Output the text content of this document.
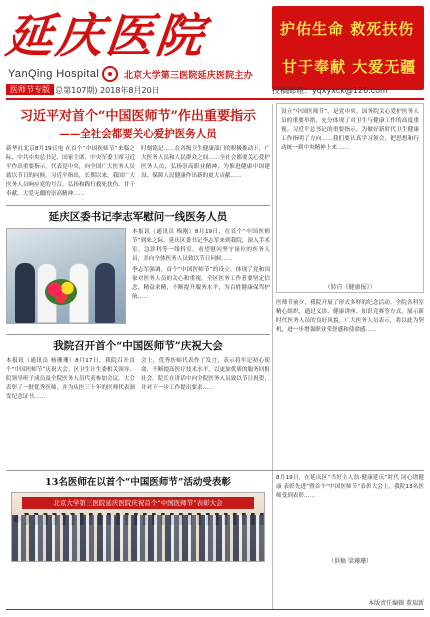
延庆医院
YanQing Hospital	北京大学第三医院延庆医院主办
护佑生命 救死扶伤
甘于奉献 大爱无疆
医师节专版 (总第107期) 2018年8月20日	投稿邮箱：yqxyxck@126.com
习近平对首个“中国医师节”作出重要指示
——全社会都要关心爱护医务人员
新华社北京8月19日电 在首个“中国医师节”来临之际，中共中央总书记、国家主席、中央军委主席习近平作出重要指示，代表党中央，向全国广大医务人员致以节日的问候。习近平指出，长期以来，我国广大医务人员响应党的号召，弘扬和践行救死扶伤、甘于奉献、大爱无疆的崇高精神……
时刻铭记……在各级卫生健康部门的积极推动下，广大医务人员和人民群众之间……全社会都要关心爱护医务人员，弘扬崇高职业精神，为推进健康中国建设、保障人民健康作出新的更大贡献……
延庆区委书记李志军慰问一线医务人员
本报讯（通讯员 梅刚）8月19日，在首个“中国医师节”到来之际，延庆区委书记李志军来到我院，深入手术室、急诊科等一线科室，看望慰问坚守岗位的医务人员，并向全体医务人员致以节日问候……
李志军强调，首个“中国医师节”的设立，体现了党和国家对医务人员的关心和重视。全区医务工作者要坚定信念，精益求精，不断提升服务水平，为百姓健康保驾护航……
我院召开首个“中国医师节”庆祝大会
本报讯（通讯员 杨珊珊）8月17日，我院召开首个“中国医师节”庆祝大会。区卫生计生委相关领导、院领导班子成员及全院医务人员代表参加会议。大会表彰了一批优秀医师，并为从医三十年的医师代表颁发纪念证书……
会上，优秀医师代表作了发言，表示将牢记初心使命，不断提高医疗技术水平，以更加优质的服务回报社会。院长在讲话中向全院医务人员致以节日祝贺，并对下一步工作提出要求……
设立“中国医师节”，是党中央、国务院关心爱护医务人员的重要举措，充分体现了对卫生与健康工作的高度重视。习近平总书记的重要指示，为做好新时代卫生健康工作指明了方向……我们要认真学习领会，把思想和行动统一到中央精神上来……
（转自《健康报》）
医师节前夕，我院开展了形式多样的纪念活动。全院各科室精心组织，通过义诊、健康讲座、知识竞赛等方式，展示新时代医务人员的良好风貌。广大医务人员表示，将以此为契机，进一步增强职业荣誉感和使命感……
13名医师在以首个“中国医师节”活动受表彰
北京大学第三医院延庆医院庆祝首个“中国医师节”表彰大会
8月19日，在延庆区“当好主人翁·健康延庆”时代 同心谱健康 表彰先进”暨首个“中国医师节”表彰大会上，我院13名医师受到表彰……
（供稿 梁珊珊）
本版责任编辑 董瑞新
